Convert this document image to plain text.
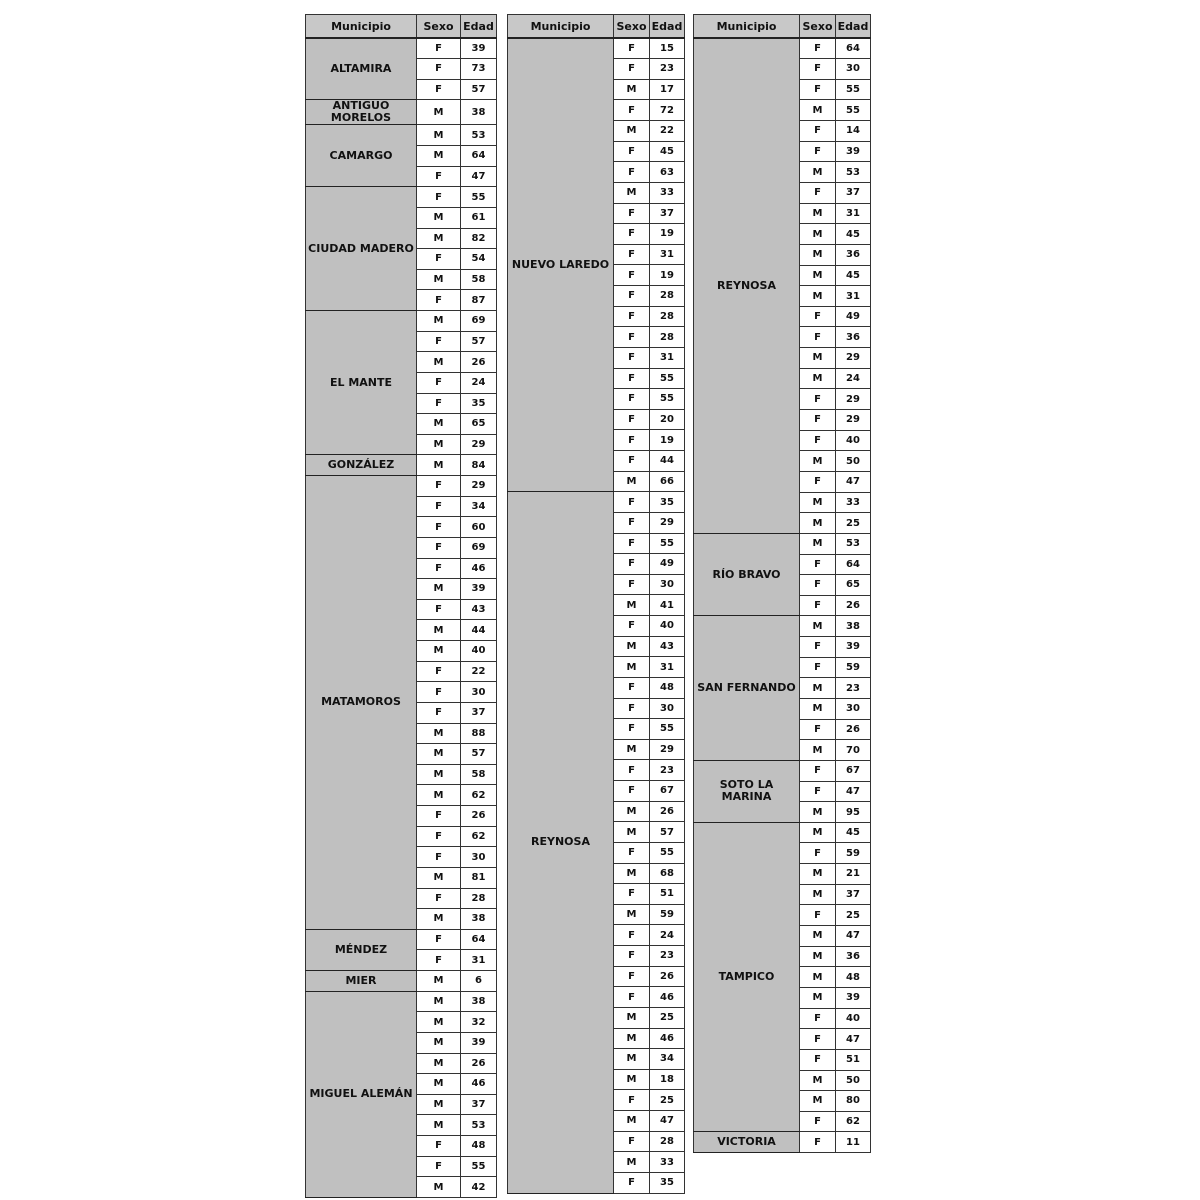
Municipio	Sexo	Edad
ALTAMIRA	F	39
	F	73
	F	57
ANTIGUO MORELOS	M	38
CAMARGO	M	53
	M	64
	F	47
CIUDAD MADERO	F	55
	M	61
	M	82
	F	54
	M	58
	F	87
EL MANTE	M	69
	F	57
	M	26
	F	24
	F	35
	M	65
	M	29
GONZÁLEZ	M	84
MATAMOROS	F	29
	F	34
	F	60
	F	69
	F	46
	M	39
	F	43
	M	44
	M	40
	F	22
	F	30
	F	37
	M	88
	M	57
	M	58
	M	62
	F	26
	F	62
	F	30
	M	81
	F	28
	M	38
MÉNDEZ	F	64
	F	31
MIER	M	6
MIGUEL ALEMÁN	M	38
	M	32
	M	39
	M	26
	M	46
	M	37
	M	53
	F	48
	F	55
	M	42
Municipio	Sexo	Edad
NUEVO LAREDO	F	15
	F	23
	M	17
	F	72
	M	22
	F	45
	F	63
	M	33
	F	37
	F	19
	F	31
	F	19
	F	28
	F	28
	F	28
	F	31
	F	55
	F	55
	F	20
	F	19
	F	44
	M	66
REYNOSA	F	35
	F	29
	F	55
	F	49
	F	30
	M	41
	F	40
	M	43
	M	31
	F	48
	F	30
	F	55
	M	29
	F	23
	F	67
	M	26
	M	57
	F	55
	M	68
	F	51
	M	59
	F	24
	F	23
	F	26
	F	46
	M	25
	M	46
	M	34
	M	18
	F	25
	M	47
	F	28
	M	33
	F	35
Municipio	Sexo	Edad
REYNOSA	F	64
	F	30
	F	55
	M	55
	F	14
	F	39
	M	53
	F	37
	M	31
	M	45
	M	36
	M	45
	M	31
	F	49
	F	36
	M	29
	M	24
	F	29
	F	29
	F	40
	M	50
	F	47
	M	33
	M	25
RÍO BRAVO	M	53
	F	64
	F	65
	F	26
SAN FERNANDO	M	38
	F	39
	F	59
	M	23
	M	30
	F	26
	M	70
SOTO LA MARINA	F	67
	F	47
	M	95
TAMPICO	M	45
	F	59
	M	21
	M	37
	F	25
	M	47
	M	36
	M	48
	M	39
	F	40
	F	47
	F	51
	M	50
	M	80
	F	62
VICTORIA	F	11
